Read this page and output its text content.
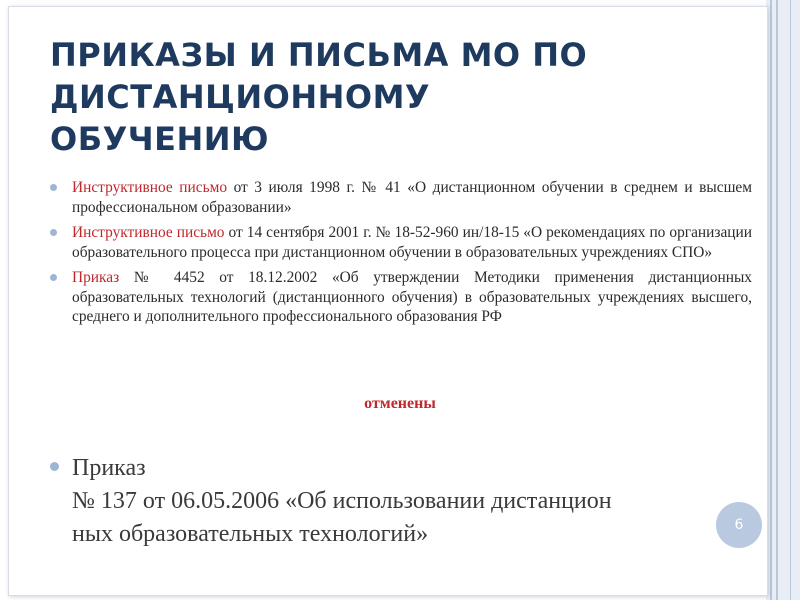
ПРИКАЗЫ И ПИСЬМА МО ПО
ДИСТАНЦИОННОМУ
ОБУЧЕНИЮ
Инструктивное письмо от 3 июля 1998 г. № 41 «О дистанционном обучении в среднем и высшем профессиональном образовании»
Инструктивное письмо от 14 сентября 2001 г. № 18-52-960 ин/18-15 «О рекомендациях по организации образовательного процесса при дистанционном обучении в образовательных учреждениях СПО»
Приказ № 4452 от 18.12.2002 «Об утверждении Методики применения дистанционных образовательных технологий (дистанционного обучения) в образовательных учреждениях высшего, среднего и дополнительного профессионального образования РФ
отменены
Приказ
№ 137 от 06.05.2006 «Об использовании дистанцион
ных образовательных технологий»	6
